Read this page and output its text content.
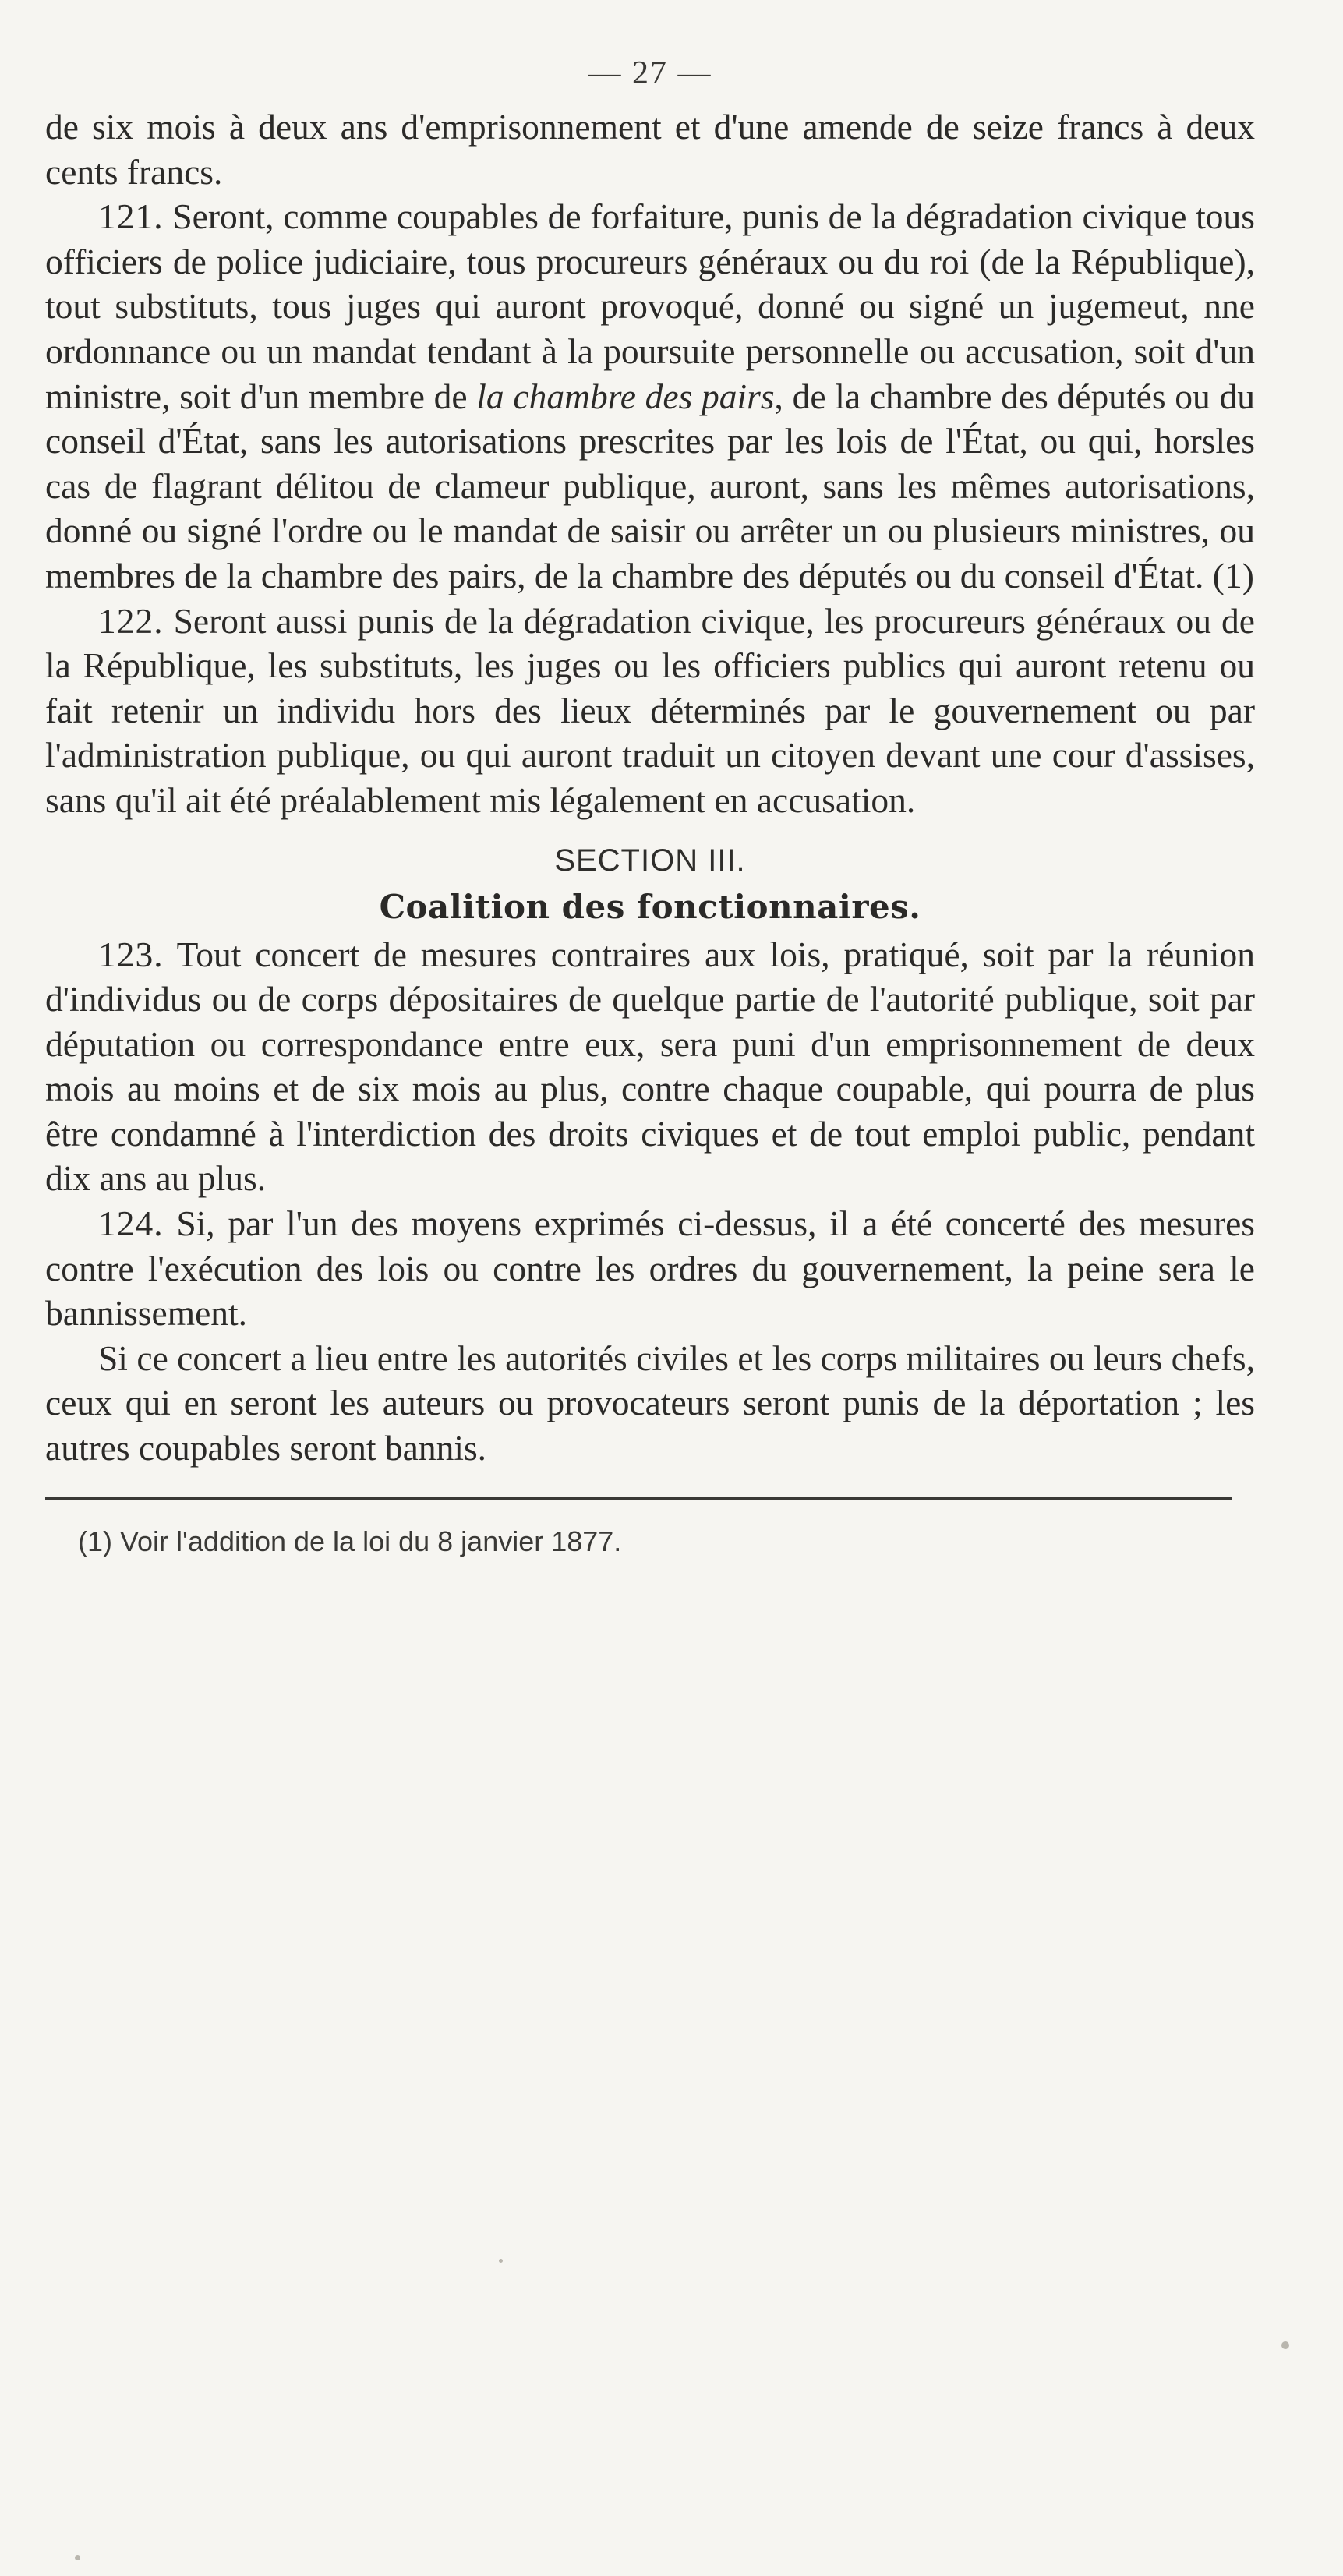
— 27 —

de six mois à deux ans d'emprisonnement et d'une amende de seize francs à deux cents francs.

121. Seront, comme coupables de forfaiture, punis de la dégradation civique tous officiers de police judiciaire, tous procureurs généraux ou du roi (de la République), tout substituts, tous juges qui auront provoqué, donné ou signé un jugemeut, nne ordonnance ou un mandat tendant à la poursuite personnelle ou accusation, soit d'un ministre, soit d'un membre de la chambre des pairs, de la chambre des députés ou du conseil d'État, sans les autorisations prescrites par les lois de l'État, ou qui, horsles cas de flagrant délitou de clameur publique, auront, sans les mêmes autorisations, donné ou signé l'ordre ou le mandat de saisir ou arrêter un ou plusieurs ministres, ou membres de la chambre des pairs, de la chambre des députés ou du conseil d'État. (1)

122. Seront aussi punis de la dégradation civique, les procureurs généraux ou de la République, les substituts, les juges ou les officiers publics qui auront retenu ou fait retenir un individu hors des lieux déterminés par le gouvernement ou par l'administration publique, ou qui auront traduit un citoyen devant une cour d'assises, sans qu'il ait été préalablement mis légalement en accusation.

SECTION III.
Coalition des fonctionnaires.

123. Tout concert de mesures contraires aux lois, pratiqué, soit par la réunion d'individus ou de corps dépositaires de quelque partie de l'autorité publique, soit par députation ou correspondance entre eux, sera puni d'un emprisonnement de deux mois au moins et de six mois au plus, contre chaque coupable, qui pourra de plus être condamné à l'interdiction des droits civiques et de tout emploi public, pendant dix ans au plus.

124. Si, par l'un des moyens exprimés ci-dessus, il a été concerté des mesures contre l'exécution des lois ou contre les ordres du gouvernement, la peine sera le bannissement.

Si ce concert a lieu entre les autorités civiles et les corps militaires ou leurs chefs, ceux qui en seront les auteurs ou provocateurs seront punis de la déportation ; les autres coupables seront bannis.

(1) Voir l'addition de la loi du 8 janvier 1877.
